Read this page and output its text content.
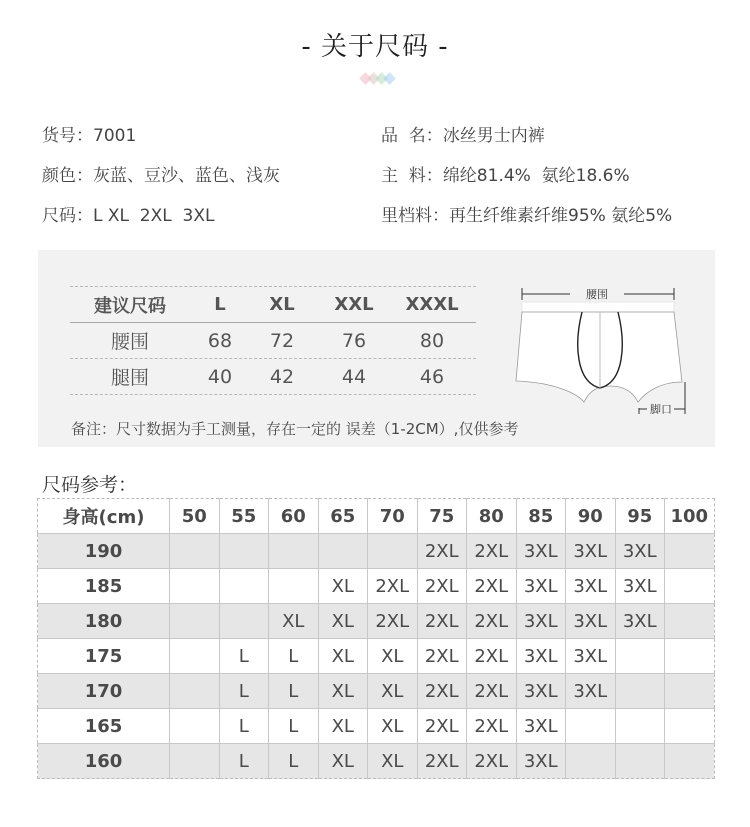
- 关于尺码 -
货号：7001
颜色：灰蓝、豆沙、蓝色、浅灰
尺码：L XL  2XL  3XL
品  名：冰丝男士内裤
主  料：绵纶81.4%  氨纶18.6%
里档料：再生纤维素纤维95% 氨纶5%
建议尺码	L	XL	XXL	XXXL
腰围	68	72	76	80
腿围	40	42	44	46
备注：尺寸数据为手工测量，存在一定的 误差（1-2CM）,仅供参考
腰围
脚口
尺码参考：
身高(cm)	50	55	60	65	70	75	80	85	90	95	100
190						2XL	2XL	3XL	3XL	3XL	
185				XL	2XL	2XL	2XL	3XL	3XL	3XL	
180			XL	XL	2XL	2XL	2XL	3XL	3XL	3XL	
175		L	L	XL	XL	2XL	2XL	3XL	3XL		
170		L	L	XL	XL	2XL	2XL	3XL	3XL		
165		L	L	XL	XL	2XL	2XL	3XL			
160		L	L	XL	XL	2XL	2XL	3XL			
